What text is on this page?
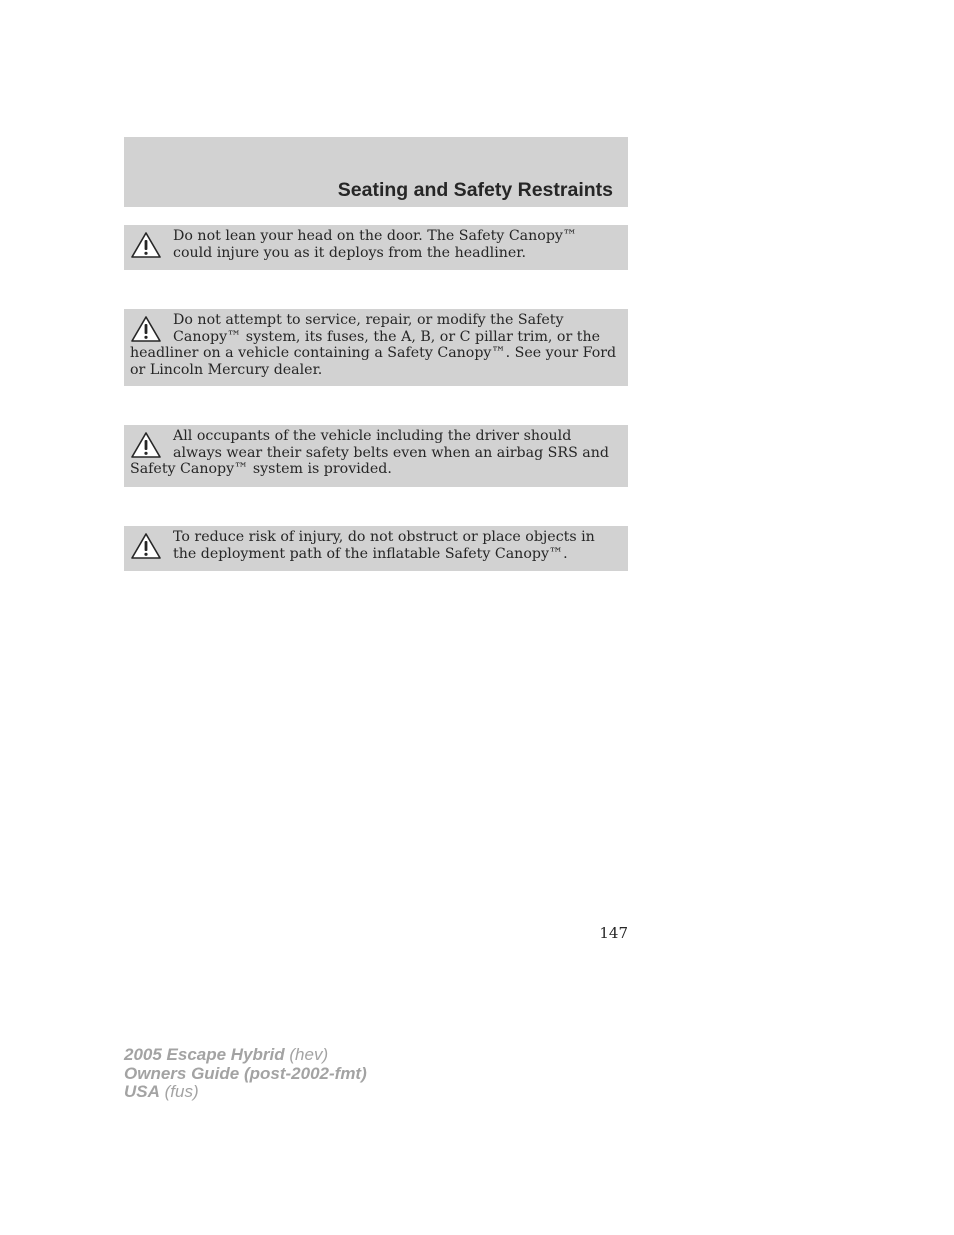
Seating and Safety Restraints

Do not lean your head on the door. The Safety Canopy™ could injure you as it deploys from the headliner.

Do not attempt to service, repair, or modify the Safety Canopy™ system, its fuses, the A, B, or C pillar trim, or the headliner on a vehicle containing a Safety Canopy™. See your Ford or Lincoln Mercury dealer.

All occupants of the vehicle including the driver should always wear their safety belts even when an airbag SRS and Safety Canopy™ system is provided.

To reduce risk of injury, do not obstruct or place objects in the deployment path of the inflatable Safety Canopy™.

147
2005 Escape Hybrid (hev)
Owners Guide (post-2002-fmt)
USA (fus)
